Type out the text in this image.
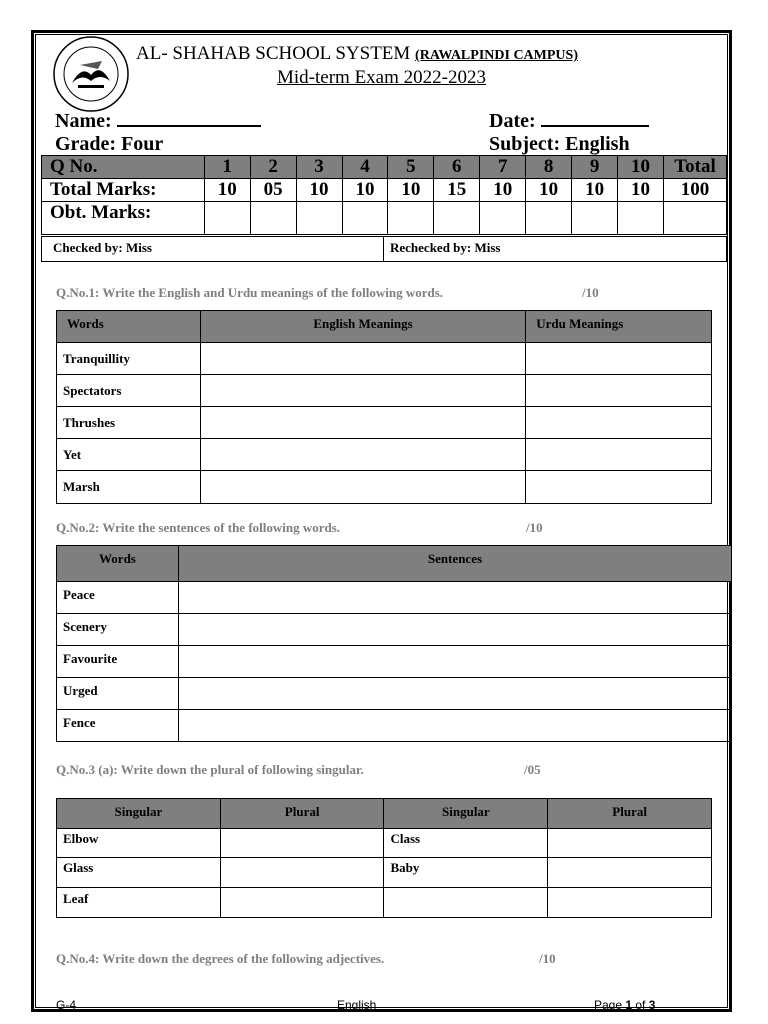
AL- SHAHAB SCHOOL SYSTEM (RAWALPINDI CAMPUS)
Mid-term Exam 2022-2023
Name:	Date:
Grade: Four	Subject: English
Q No.	1	2	3	4	5	6	7	8	9	10	Total
Total Marks:	10	05	10	10	10	15	10	10	10	10	100
Obt. Marks:											
Checked by: Miss	Rechecked by: Miss
Q.No.1: Write the English and Urdu meanings of the following words.	/10
Words	English Meanings	Urdu Meanings
Tranquillity		
Spectators		
Thrushes		
Yet		
Marsh		
Q.No.2: Write the sentences of the following words.	/10
Words	Sentences
Peace	
Scenery	
Favourite	
Urged	
Fence	
Q.No.3 (a): Write down the plural of following singular.	/05
Singular	Plural	Singular	Plural
Elbow		Class	
Glass		Baby	
Leaf			
Q.No.4: Write down the degrees of the following adjectives.	/10
G-4	English	Page 1 of 3
